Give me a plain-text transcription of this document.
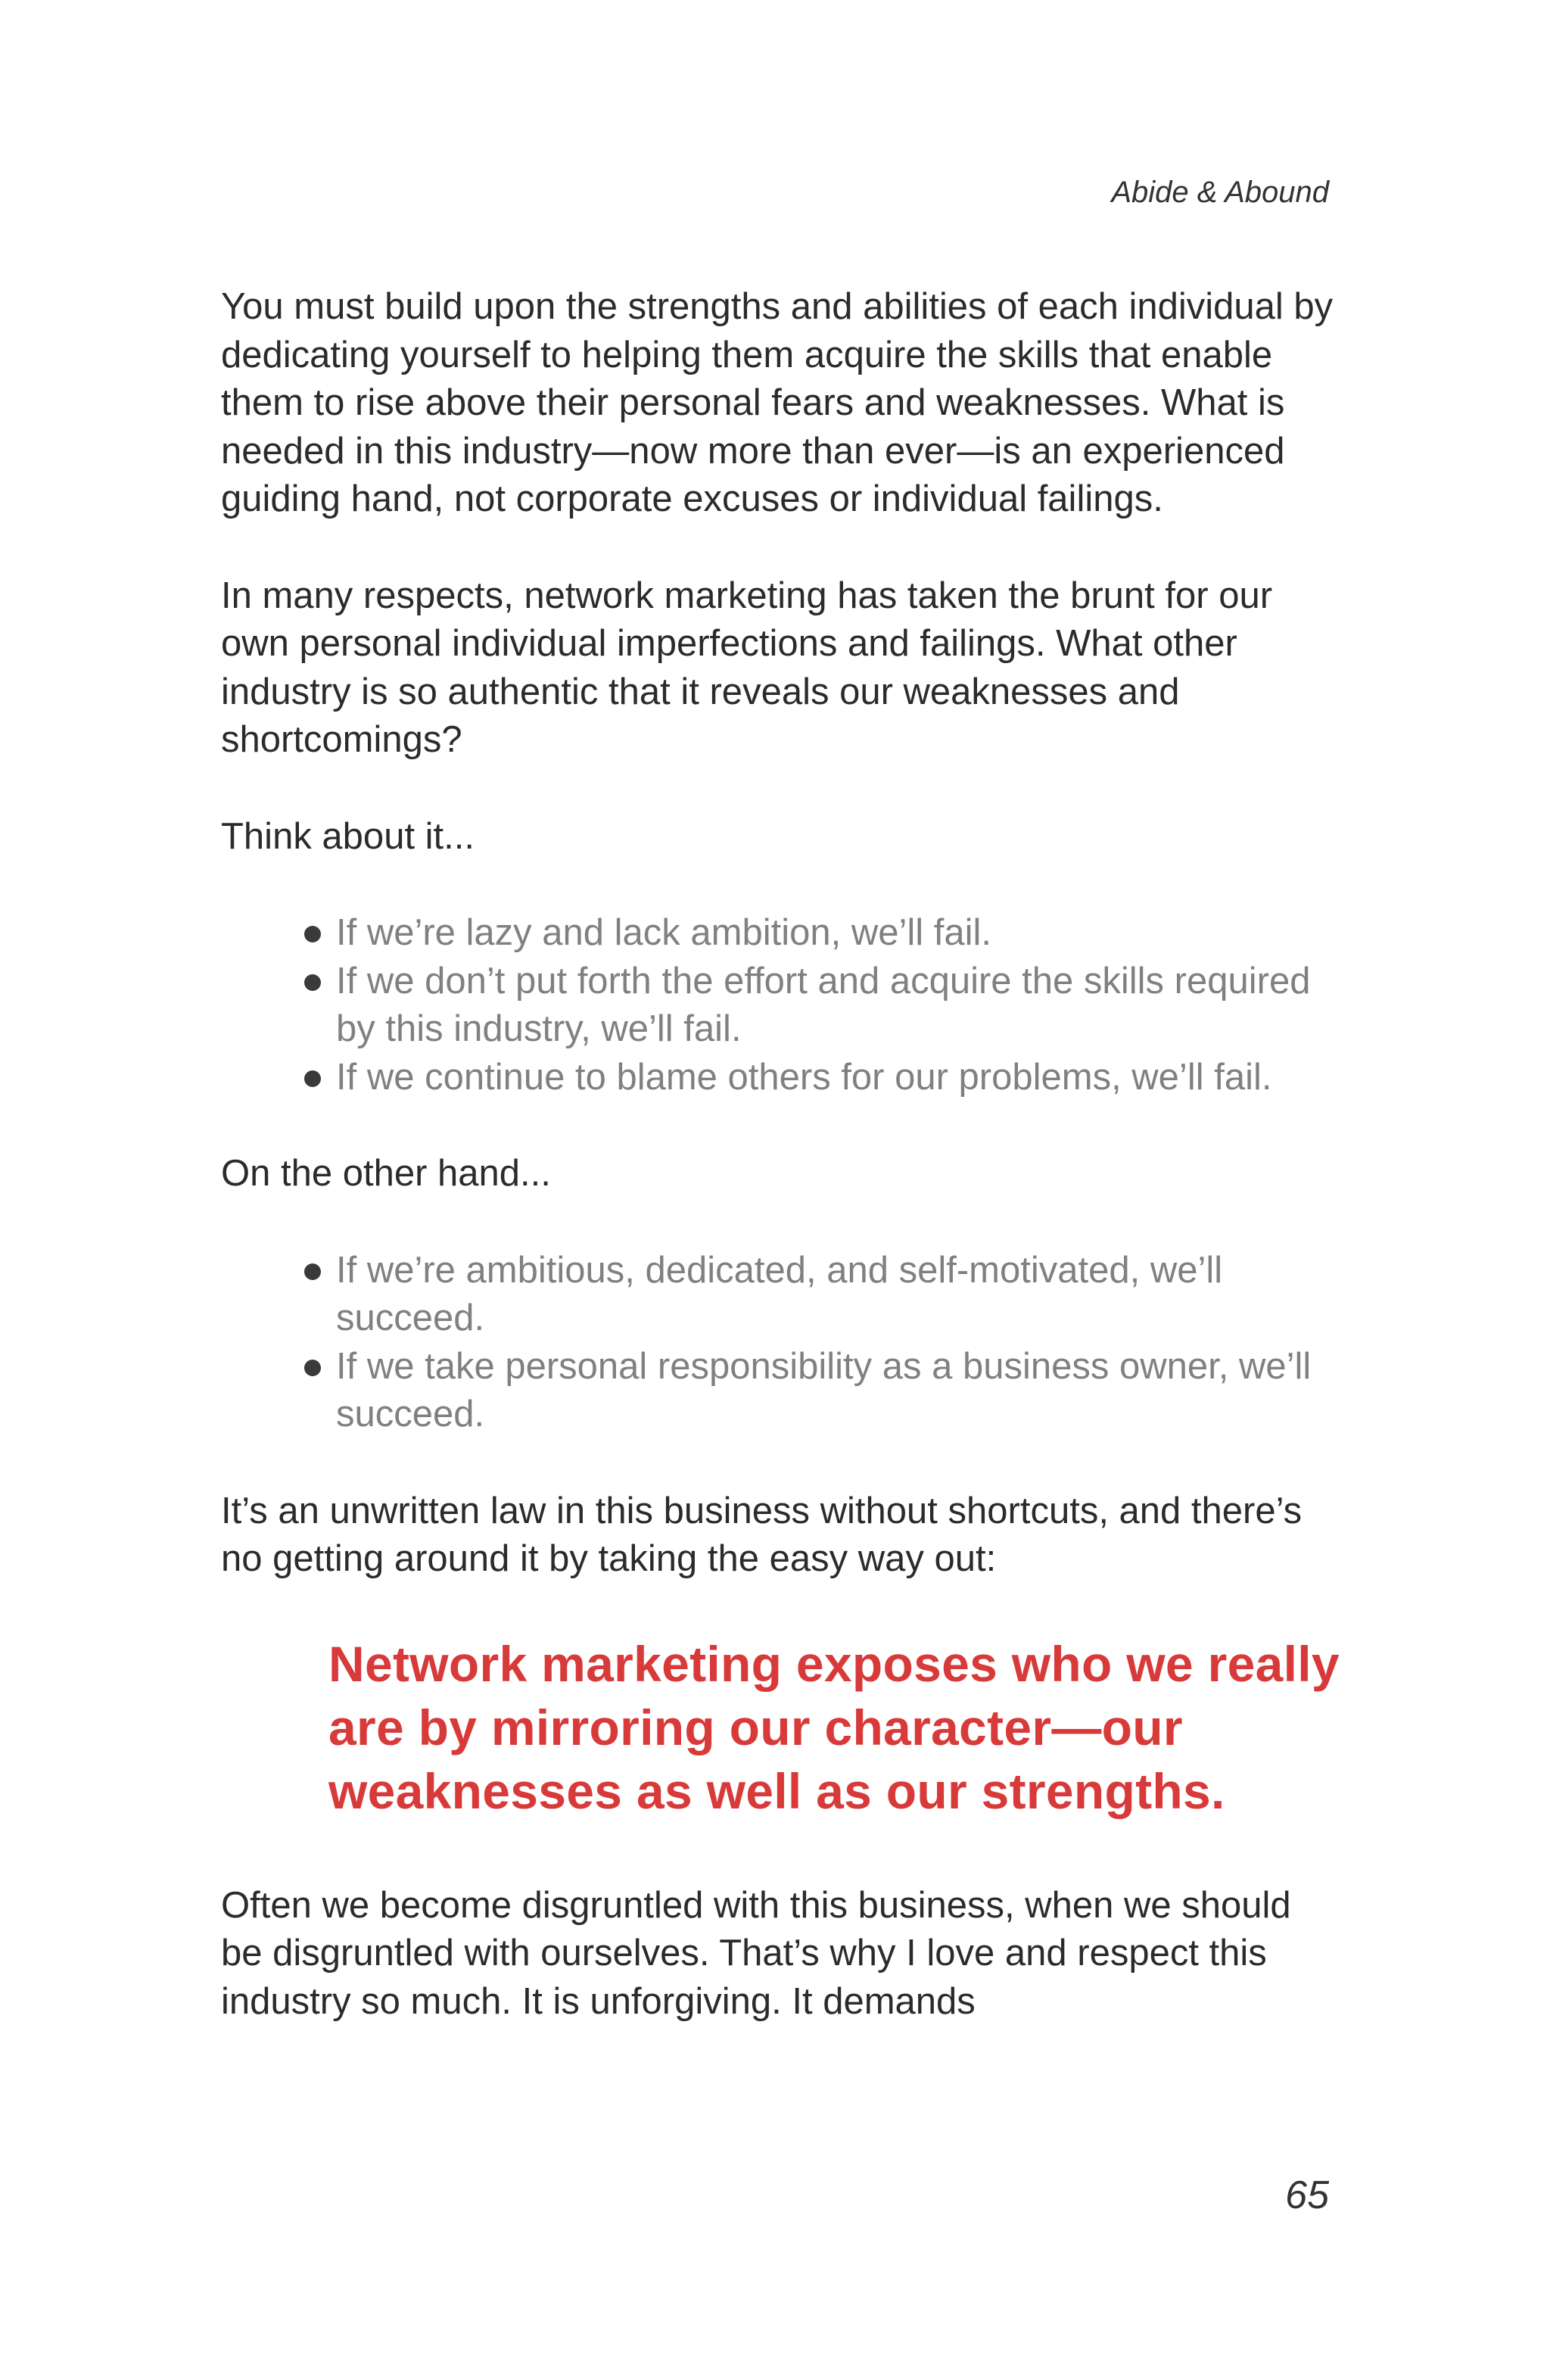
Abide & Abound

You must build upon the strengths and abilities of each individual by dedicating yourself to helping them acquire the skills that enable them to rise above their personal fears and weaknesses. What is needed in this industry—now more than ever—is an experienced guiding hand, not corporate excuses or individual failings.

In many respects, network marketing has taken the brunt for our own personal individual imperfections and failings. What other industry is so authentic that it reveals our weaknesses and shortcomings?

Think about it...

If we’re lazy and lack ambition, we’ll fail.
If we don’t put forth the effort and acquire the skills required by this industry, we’ll fail.
If we continue to blame others for our problems, we’ll fail.

On the other hand...

If we’re ambitious, dedicated, and self-motivated, we’ll succeed.
If we take personal responsibility as a business owner, we’ll succeed.

It’s an unwritten law in this business without shortcuts, and there’s no getting around it by taking the easy way out:

Network marketing exposes who we really are by mirroring our character—our weaknesses as well as our strengths.

Often we become disgruntled with this business, when we should be disgruntled with ourselves. That’s why I love and respect this industry so much. It is unforgiving. It demands

65
